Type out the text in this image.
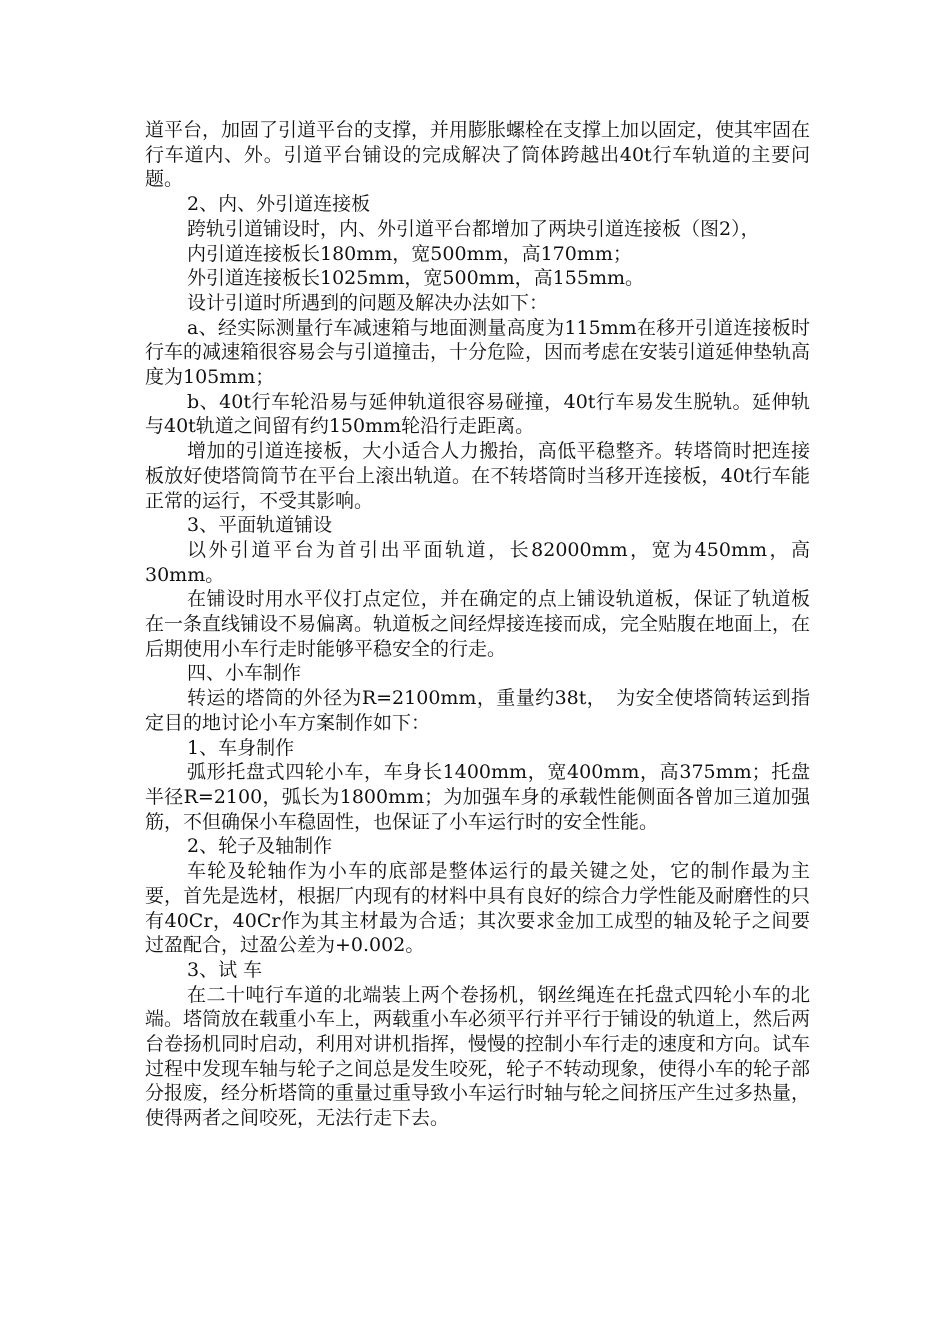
道平台，加固了引道平台的支撑，并用膨胀螺栓在支撑上加以固定，使其牢固在行车道内、外。引道平台铺设的完成解决了筒体跨越出40t行车轨道的主要问题。

2、内、外引道连接板

跨轨引道铺设时，内、外引道平台都增加了两块引道连接板（图2），

内引道连接板长180mm，宽500mm，高170mm；

外引道连接板长1025mm，宽500mm，高155mm。

设计引道时所遇到的问题及解决办法如下：

a、经实际测量行车减速箱与地面测量高度为115mm在移开引道连接板时行车的减速箱很容易会与引道撞击，十分危险，因而考虑在安装引道延伸垫轨高度为105mm；

b、40t行车轮沿易与延伸轨道很容易碰撞，40t行车易发生脱轨。延伸轨与40t轨道之间留有约150mm轮沿行走距离。

增加的引道连接板，大小适合人力搬抬，高低平稳整齐。转塔筒时把连接板放好使塔筒筒节在平台上滚出轨道。在不转塔筒时当移开连接板，40t行车能正常的运行，不受其影响。

3、平面轨道铺设

以外引道平台为首引出平面轨道，长82000mm，宽为450mm，高30mm。

在铺设时用水平仪打点定位，并在确定的点上铺设轨道板，保证了轨道板在一条直线铺设不易偏离。轨道板之间经焊接连接而成，完全贴腹在地面上，在后期使用小车行走时能够平稳安全的行走。

四、小车制作

转运的塔筒的外径为R=2100mm，重量约38t，　为安全使塔筒转运到指定目的地讨论小车方案制作如下：

1、车身制作

弧形托盘式四轮小车，车身长1400mm，宽400mm，高375mm；托盘半径R=2100，弧长为1800mm；为加强车身的承载性能侧面各曾加三道加强筋，不但确保小车稳固性，也保证了小车运行时的安全性能。

2、轮子及轴制作

车轮及轮轴作为小车的底部是整体运行的最关键之处，它的制作最为主要，首先是选材，根据厂内现有的材料中具有良好的综合力学性能及耐磨性的只有40Cr，40Cr作为其主材最为合适；其次要求金加工成型的轴及轮子之间要过盈配合，过盈公差为+0.002。

3、试 车

在二十吨行车道的北端装上两个卷扬机，钢丝绳连在托盘式四轮小车的北端。塔筒放在载重小车上，两载重小车必须平行并平行于铺设的轨道上，然后两台卷扬机同时启动，利用对讲机指挥，慢慢的控制小车行走的速度和方向。试车过程中发现车轴与轮子之间总是发生咬死，轮子不转动现象，使得小车的轮子部分报废，经分析塔筒的重量过重导致小车运行时轴与轮之间挤压产生过多热量，使得两者之间咬死，无法行走下去。
